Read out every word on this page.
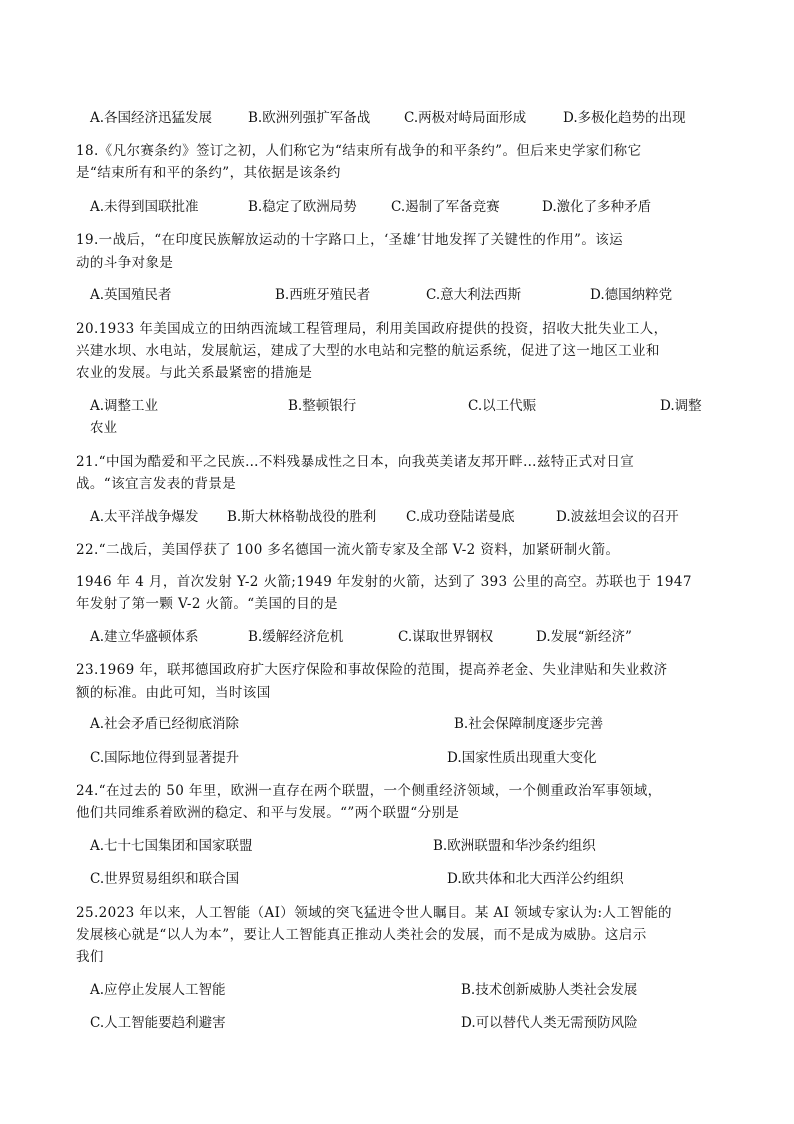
A.各国经济迅猛发展	B.欧洲列强扩军备战	C.两极对峙局面形成	D.多极化趋势的出现
18.《凡尔赛条约》签订之初，人们称它为“结束所有战争的和平条约”。但后来史学家们称它
是“结束所有和平的条约”，其依据是该条约
A.未得到国联批准	B.稳定了欧洲局势	C.遏制了军备竞赛	D.激化了多种矛盾
19.一战后，“在印度民族解放运动的十字路口上，‘圣雄’甘地发挥了关键性的作用”。该运
动的斗争对象是
A.英国殖民者	B.西班牙殖民者	C.意大利法西斯	D.德国纳粹党
20.1933 年美国成立的田纳西流域工程管理局，利用美国政府提供的投资，招收大批失业工人，
兴建水坝、水电站，发展航运，建成了大型的水电站和完整的航运系统，促进了这一地区工业和
农业的发展。与此关系最紧密的措施是
A.调整工业	B.整顿银行	C.以工代赈	D.调整
农业
21.“中国为酷爱和平之民族…不料残暴成性之日本，向我英美诸友邦开畔…兹特正式对日宣
战。“该宜言发表的背景是
A.太平洋战争爆发 B.斯大林格勒战役的胜利 C.成功登陆诺曼底	D.波兹坦会议的召开
22.“二战后，美国俘获了 100 多名德国一流火箭专家及全部 V-2 资料，加紧研制火箭。
1946 年 4 月，首次发射 Y-2 火箭;1949 年发射的火箭，达到了 393 公里的高空。苏联也于 1947
年发射了第一颗 V-2 火箭。“美国的目的是
A.建立华盛顿体系	B.缓解经济危机	C.谋取世界钢权	D.发展“新经济”
23.1969 年，联邦德国政府扩大医疗保险和事故保险的范围，提高养老金、失业津贴和失业救济
额的标准。由此可知，当时该国
A.社会矛盾已经彻底消除	B.社会保障制度逐步完善
C.国际地位得到显著提升	D.国家性质出现重大变化
24.“在过去的 50 年里，欧洲一直存在两个联盟，一个侧重经济领域，一个侧重政治军事领域，
他们共同维系着欧洲的稳定、和平与发展。“”两个联盟“分别是
A.七十七国集团和国家联盟	B.欧洲联盟和华沙条约组织
C.世界贸易组织和联合国	D.欧共体和北大西洋公约组织
25.2023 年以来，人工智能（AI）领域的突飞猛进令世人瞩目。某 AI 领域专家认为:人工智能的
发展核心就是“以人为本”，要让人工智能真正推动人类社会的发展，而不是成为威胁。这启示
我们
A.应停止发展人工智能	B.技术创新威胁人类社会发展
C.人工智能要趋利避害	D.可以替代人类无需预防风险
